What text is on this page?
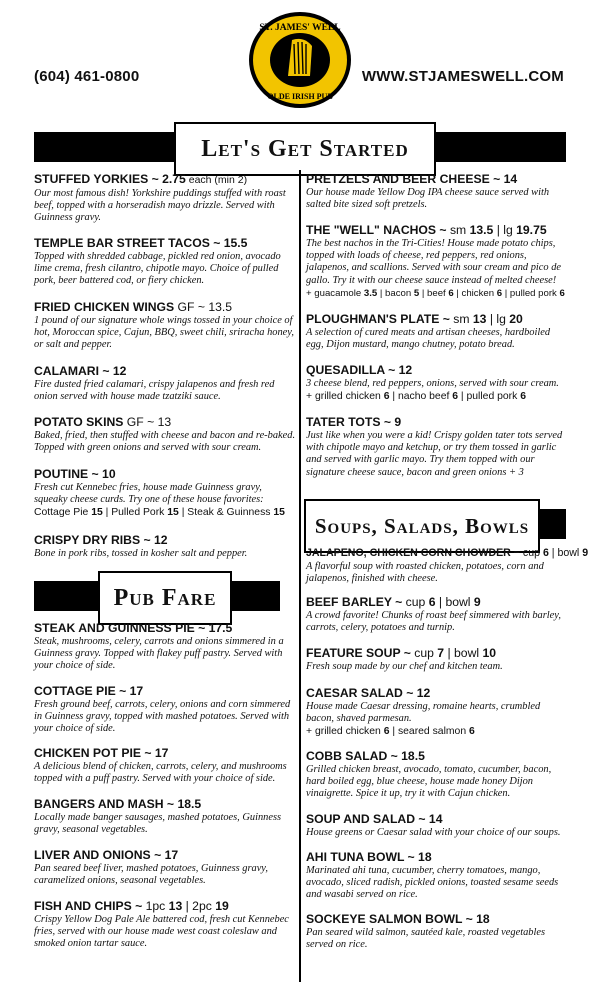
(604) 461-0800
ST. JAMES' WELL
OLDE IRISH PUB
WWW.STJAMESWELL.COM
Let's Get Started
Pub Fare
Soups, Salads, Bowls
STUFFED YORKIES ~ 2.75 each (min 2)
Our most famous dish! Yorkshire puddings stuffed with roast beef, topped with a horseradish mayo drizzle. Served with Guinness gravy.
TEMPLE BAR STREET TACOS ~ 15.5
Topped with shredded cabbage, pickled red onion, avocado lime crema, fresh cilantro, chipotle mayo. Choice of pulled pork, beer battered cod, or fiery chicken.
FRIED CHICKEN WINGS GF ~ 13.5
1 pound of our signature whole wings tossed in your choice of hot, Moroccan spice, Cajun, BBQ, sweet chili, sriracha honey, or salt and pepper.
CALAMARI ~ 12
Fire dusted fried calamari, crispy jalapenos and fresh red onion served with house made tzatziki sauce.
POTATO SKINS GF ~ 13
Baked, fried, then stuffed with cheese and bacon and re-baked. Topped with green onions and served with sour cream.
POUTINE ~ 10
Fresh cut Kennebec fries, house made Guinness gravy, squeaky cheese curds. Try one of these house favorites:
Cottage Pie 15 | Pulled Pork 15 | Steak & Guinness 15
CRISPY DRY RIBS ~ 12
Bone in pork ribs, tossed in kosher salt and pepper.
STEAK AND GUINNESS PIE ~ 17.5
Steak, mushrooms, celery, carrots and onions simmered in a Guinness gravy. Topped with flakey puff pastry. Served with your choice of side.
COTTAGE PIE ~ 17
Fresh ground beef, carrots, celery, onions and corn simmered in Guinness gravy, topped with mashed potatoes. Served with your choice of side.
CHICKEN POT PIE ~ 17
A delicious blend of chicken, carrots, celery, and mushrooms topped with a puff pastry. Served with your choice of side.
BANGERS AND MASH ~ 18.5
Locally made banger sausages, mashed potatoes, Guinness gravy, seasonal vegetables.
LIVER AND ONIONS ~ 17
Pan seared beef liver, mashed potatoes, Guinness gravy, caramelized onions, seasonal vegetables.
FISH AND CHIPS ~ 1pc 13 | 2pc 19
Crispy Yellow Dog Pale Ale battered cod, fresh cut Kennebec fries, served with our house made west coast coleslaw and smoked onion tartar sauce.
PRETZELS AND BEER CHEESE ~ 14
Our house made Yellow Dog IPA cheese sauce served with salted bite sized soft pretzels.
THE "WELL" NACHOS ~ sm 13.5 | lg 19.75
The best nachos in the Tri-Cities! House made potato chips, topped with loads of cheese, red peppers, red onions, jalapenos, and scallions. Served with sour cream and pico de gallo. Try it with our cheese sauce instead of melted cheese!
+ guacamole 3.5 | bacon 5 | beef 6 | chicken 6 | pulled pork 6
PLOUGHMAN'S PLATE ~ sm 13 | lg 20
A selection of cured meats and artisan cheeses, hardboiled egg, Dijon mustard, mango chutney, potato bread.
QUESADILLA ~ 12
3 cheese blend, red peppers, onions, served with sour cream.
+ grilled chicken 6 | nacho beef 6 | pulled pork 6
TATER TOTS ~ 9
Just like when you were a kid! Crispy golden tater tots served with chipotle mayo and ketchup, or try them tossed in garlic and served with garlic mayo. Try them topped with our signature cheese sauce, bacon and green onions + 3
JALAPENO, CHICKEN CORN CHOWDER ~ cup 6 | bowl 9
A flavorful soup with roasted chicken, potatoes, corn and jalapenos, finished with cheese.
BEEF BARLEY ~ cup 6 | bowl 9
A crowd favorite! Chunks of roast beef simmered with barley, carrots, celery, potatoes and turnip.
FEATURE SOUP ~ cup 7 | bowl 10
Fresh soup made by our chef and kitchen team.
CAESAR SALAD ~ 12
House made Caesar dressing, romaine hearts, crumbled bacon, shaved parmesan.
+ grilled chicken 6 | seared salmon 6
COBB SALAD ~ 18.5
Grilled chicken breast, avocado, tomato, cucumber, bacon, hard boiled egg, blue cheese, house made honey Dijon vinaigrette. Spice it up, try it with Cajun chicken.
SOUP AND SALAD ~ 14
House greens or Caesar salad with your choice of our soups.
AHI TUNA BOWL ~ 18
Marinated ahi tuna, cucumber, cherry tomatoes, mango, avocado, sliced radish, pickled onions, toasted sesame seeds and wasabi served on rice.
SOCKEYE SALMON BOWL ~ 18
Pan seared wild salmon, sautéed kale, roasted vegetables served on rice.
